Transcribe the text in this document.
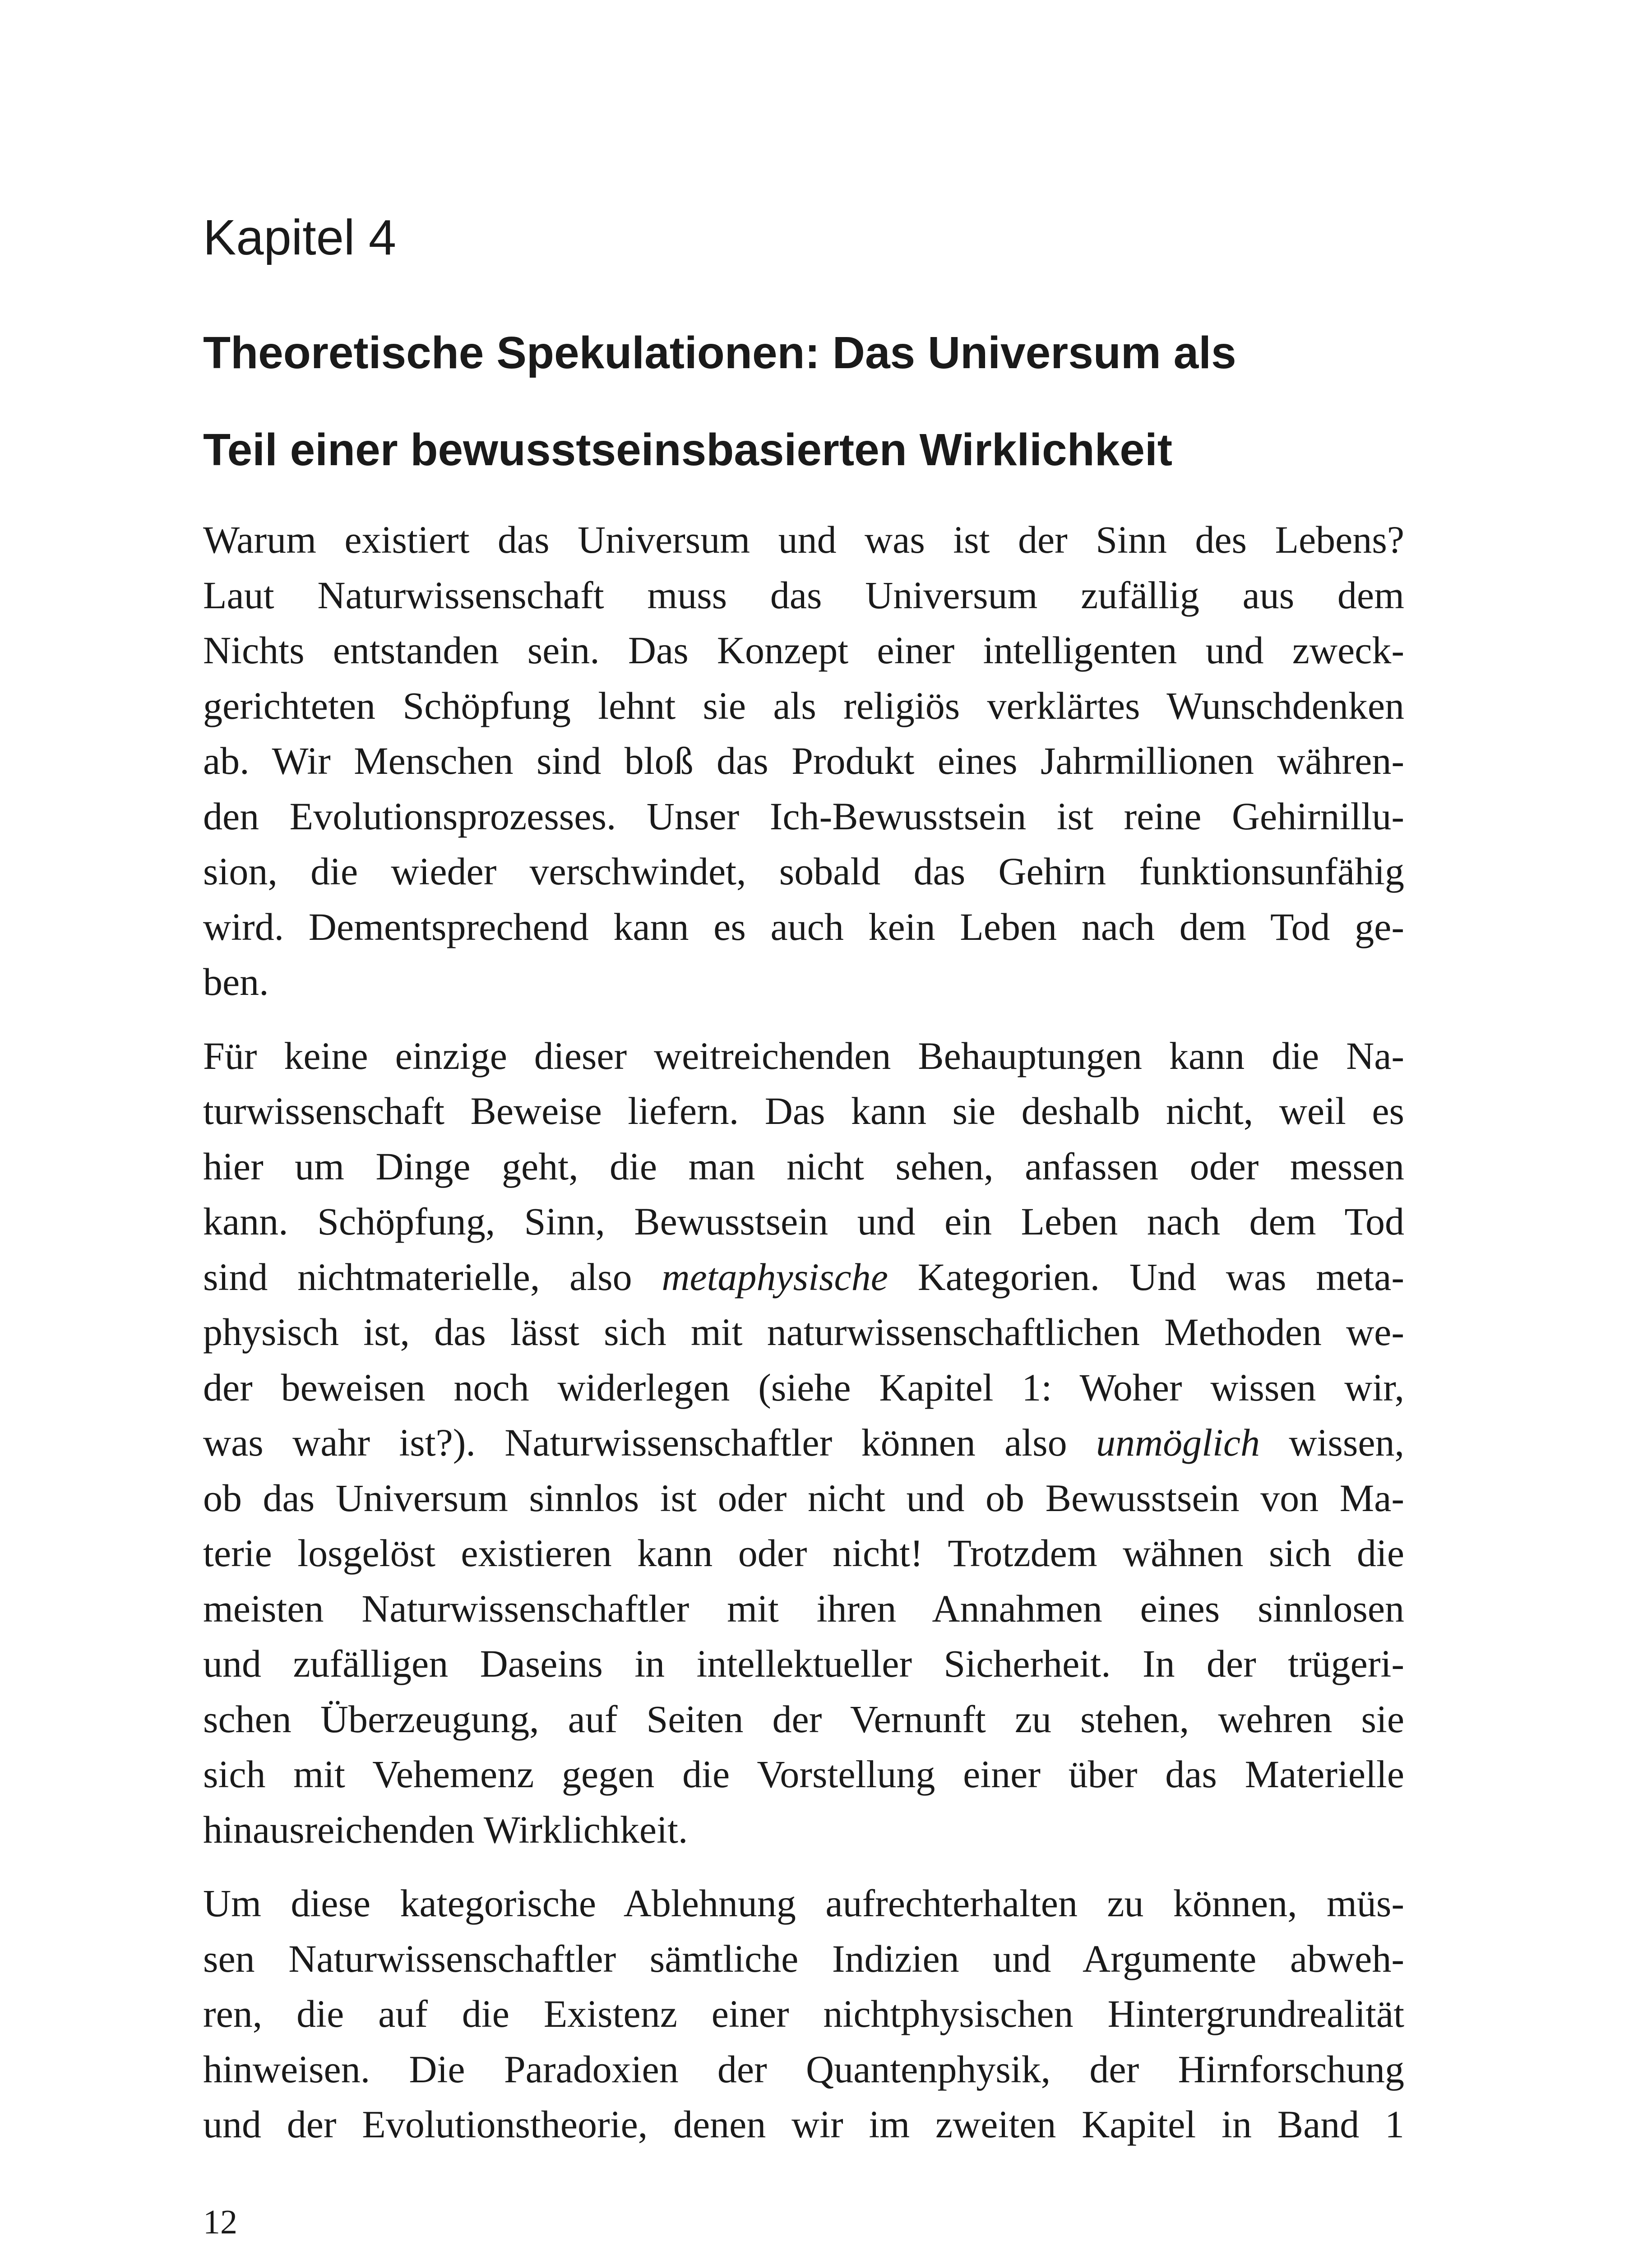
Kapitel 4
Theoretische Spekulationen: Das Universum als
Teil einer bewusstseinsbasierten Wirklichkeit

Warum existiert das Universum und was ist der Sinn des Lebens?
Laut Naturwissenschaft muss das Universum zufällig aus dem
Nichts entstanden sein. Das Konzept einer intelligenten und zweck-
gerichteten Schöpfung lehnt sie als religiös verklärtes Wunschdenken
ab. Wir Menschen sind bloß das Produkt eines Jahrmillionen währen-
den Evolutionsprozesses. Unser Ich-Bewusstsein ist reine Gehirnillu-
sion, die wieder verschwindet, sobald das Gehirn funktionsunfähig
wird. Dementsprechend kann es auch kein Leben nach dem Tod ge-
ben.

Für keine einzige dieser weitreichenden Behauptungen kann die Na-
turwissenschaft Beweise liefern. Das kann sie deshalb nicht, weil es
hier um Dinge geht, die man nicht sehen, anfassen oder messen
kann. Schöpfung, Sinn, Bewusstsein und ein Leben nach dem Tod
sind nichtmaterielle, also metaphysische Kategorien. Und was meta-
physisch ist, das lässt sich mit naturwissenschaftlichen Methoden we-
der beweisen noch widerlegen (siehe Kapitel 1: Woher wissen wir,
was wahr ist?). Naturwissenschaftler können also unmöglich wissen,
ob das Universum sinnlos ist oder nicht und ob Bewusstsein von Ma-
terie losgelöst existieren kann oder nicht! Trotzdem wähnen sich die
meisten Naturwissenschaftler mit ihren Annahmen eines sinnlosen
und zufälligen Daseins in intellektueller Sicherheit. In der trügeri-
schen Überzeugung, auf Seiten der Vernunft zu stehen, wehren sie
sich mit Vehemenz gegen die Vorstellung einer über das Materielle
hinausreichenden Wirklichkeit.

Um diese kategorische Ablehnung aufrechterhalten zu können, müs-
sen Naturwissenschaftler sämtliche Indizien und Argumente abweh-
ren, die auf die Existenz einer nichtphysischen Hintergrundrealität
hinweisen. Die Paradoxien der Quantenphysik, der Hirnforschung
und der Evolutionstheorie, denen wir im zweiten Kapitel in Band 1

12
